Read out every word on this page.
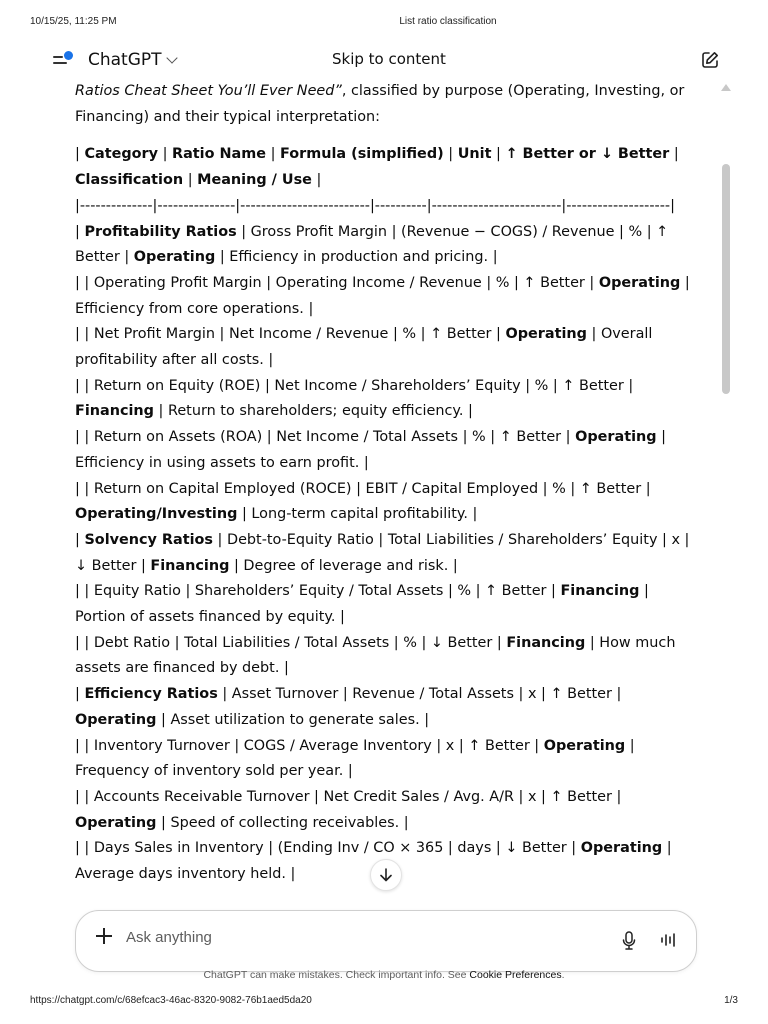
10/15/25, 11:25 PM	List ratio classification
ChatGPT	Skip to content

Ratios Cheat Sheet You’ll Ever Need”, classified by purpose (Operating, Investing, or Financing) and their typical interpretation:

| Category | Ratio Name | Formula (simplified) | Unit | ↑ Better or ↓ Better | Classification | Meaning / Use |

|--------------|---------------|-------------------------|----------|-------------------------|--------------------|

| Profitability Ratios | Gross Profit Margin | (Revenue − COGS) / Revenue | % | ↑ Better | Operating | Efficiency in production and pricing. |

| | Operating Profit Margin | Operating Income / Revenue | % | ↑ Better | Operating | Efficiency from core operations. |

| | Net Profit Margin | Net Income / Revenue | % | ↑ Better | Operating | Overall profitability after all costs. |

| | Return on Equity (ROE) | Net Income / Shareholders’ Equity | % | ↑ Better | Financing | Return to shareholders; equity efficiency. |

| | Return on Assets (ROA) | Net Income / Total Assets | % | ↑ Better | Operating | Efficiency in using assets to earn profit. |

| | Return on Capital Employed (ROCE) | EBIT / Capital Employed | % | ↑ Better | Operating/Investing | Long-term capital profitability. |

| Solvency Ratios | Debt-to-Equity Ratio | Total Liabilities / Shareholders’ Equity | x | ↓ Better | Financing | Degree of leverage and risk. |

| | Equity Ratio | Shareholders’ Equity / Total Assets | % | ↑ Better | Financing | Portion of assets financed by equity. |

| | Debt Ratio | Total Liabilities / Total Assets | % | ↓ Better | Financing | How much assets are financed by debt. |

| Efficiency Ratios | Asset Turnover | Revenue / Total Assets | x | ↑ Better | Operating | Asset utilization to generate sales. |

| | Inventory Turnover | COGS / Average Inventory | x | ↑ Better | Operating | Frequency of inventory sold per year. |

| | Accounts Receivable Turnover | Net Credit Sales / Avg. A/R | x | ↑ Better | Operating | Speed of collecting receivables. |

| | Days Sales in Inventory | (Ending Inv / CO × 365 | days | ↓ Better | Operating | Average days inventory held. |

Ask anything
ChatGPT can make mistakes. Check important info. See Cookie Preferences.
https://chatgpt.com/c/68efcac3-46ac-8320-9082-76b1aed5da20	1/3
